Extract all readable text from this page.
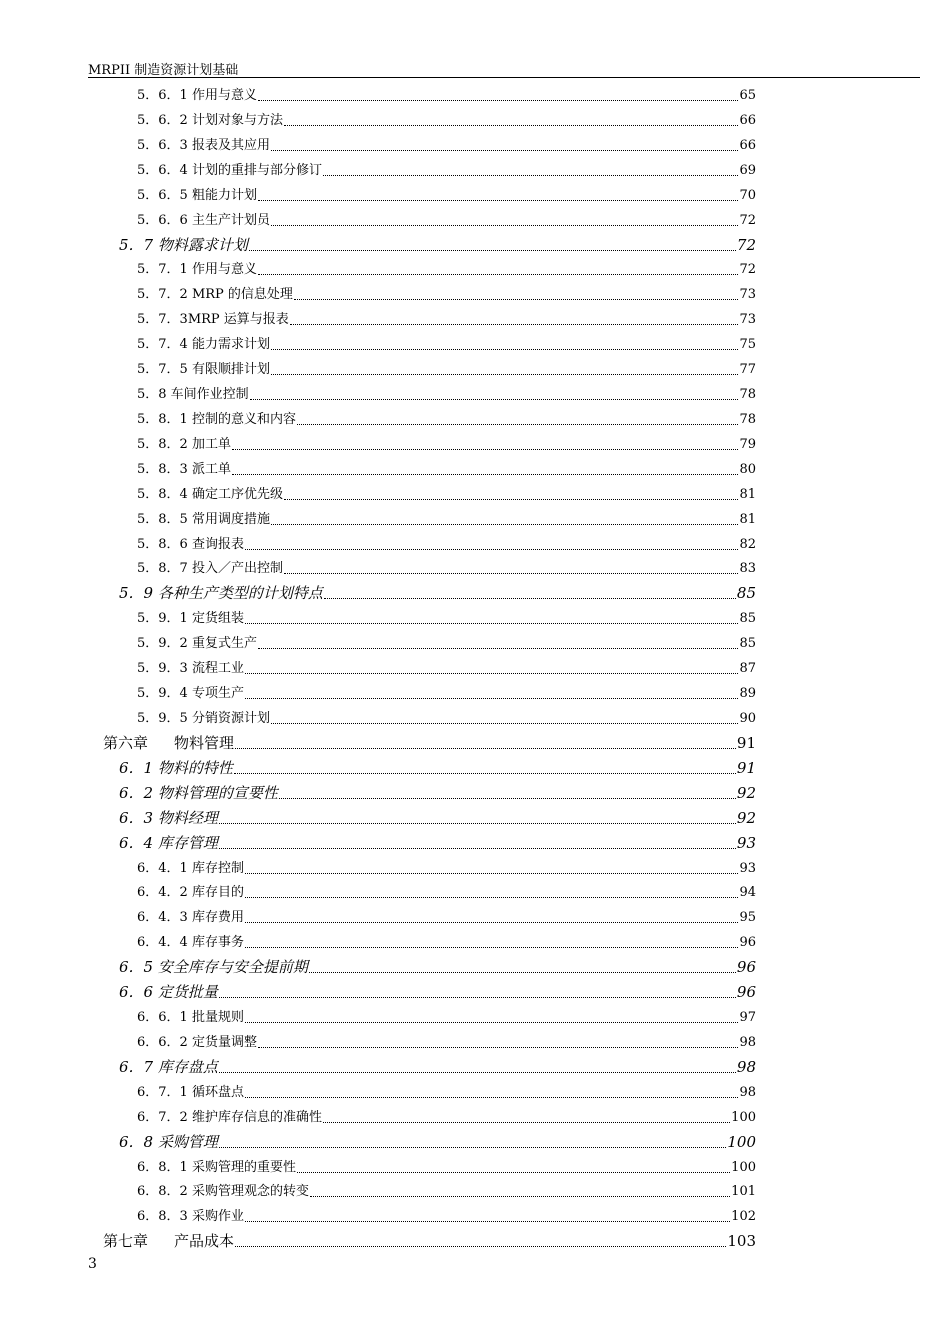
MRPII 制造资源计划基础
5．6．1 作用与意义	65
5．6．2 计划对象与方法	66
5．6．3 报表及其应用	66
5．6．4 计划的重排与部分修订	69
5．6．5 粗能力计划	70
5．6．6 主生产计划员	72
5．7 物料露求计划	72
5．7．1 作用与意义	72
5．7．2 MRP 的信息处理	73
5．7．3MRP 运算与报表	73
5．7．4 能力需求计划	75
5．7．5 有限顺排计划	77
5．8 车间作业控制	78
5．8．1 控制的意义和内容	78
5．8．2 加工单	79
5．8．3 派工单	80
5．8．4 确定工序优先级	81
5．8．5 常用调度措施	81
5．8．6 查询报表	82
5．8．7 投入／产出控制	83
5．9 各种生产类型的计划特点	85
5．9．1 定货组装	85
5．9．2 重复式生产	85
5．9．3 流程工业	87
5．9．4 专项生产	89
5．9．5 分销资源计划	90
第六章 物料管理	91
6．1 物料的特性	91
6．2 物料管理的宣要性	92
6．3 物料经理	92
6．4 库存管理	93
6．4．1 库存控制	93
6．4．2 库存目的	94
6．4．3 库存费用	95
6．4．4 库存事务	96
6．5 安全库存与安全提前期	96
6．6 定货批量	96
6．6．1 批量规则	97
6．6．2 定货量调整	98
6．7 库存盘点	98
6．7．1 循环盘点	98
6．7．2 维护库存信息的准确性	100
6．8 采购管理	100
6．8．1 采购管理的重要性	100
6．8．2 采购管理观念的转变	101
6．8．3 采购作业	102
第七章 产品成本	103
3
